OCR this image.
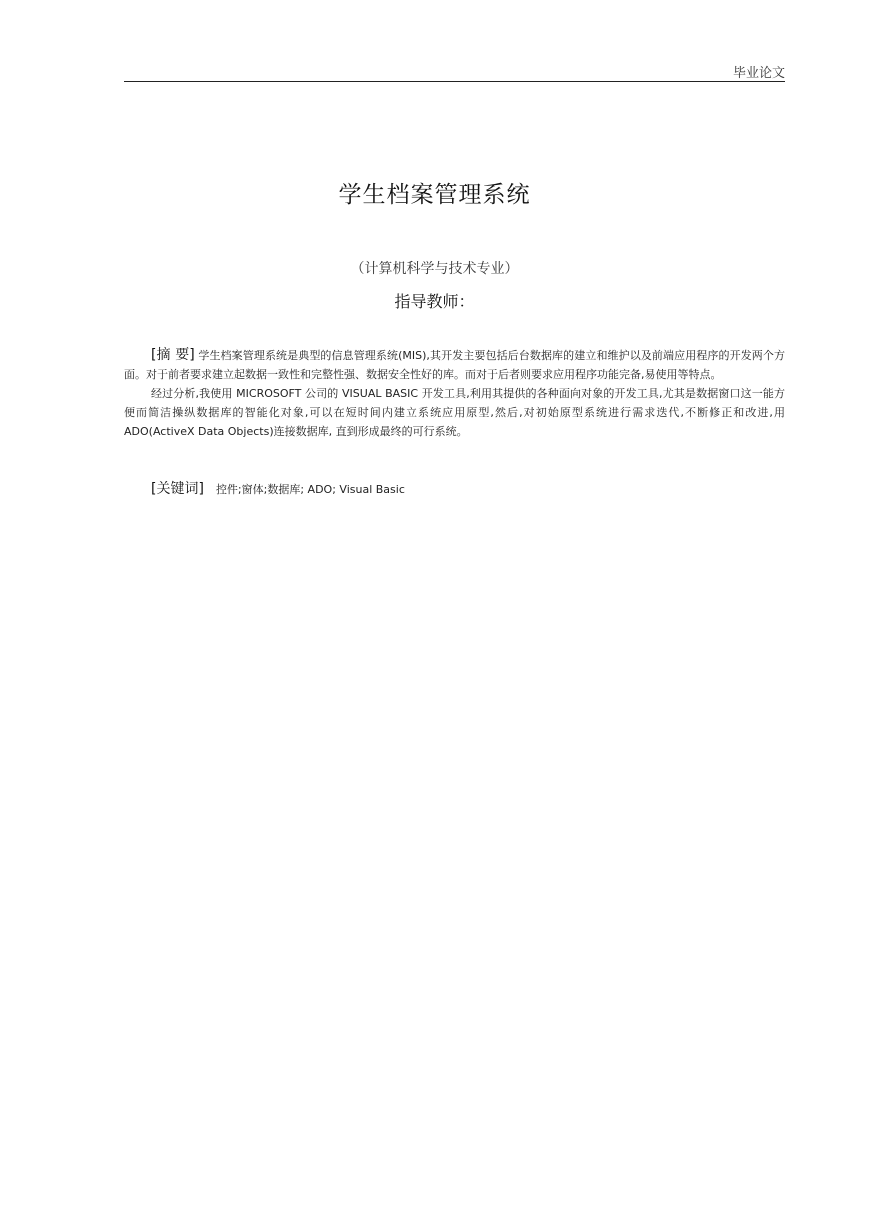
毕业论文
学生档案管理系统
（计算机科学与技术专业）
指导教师：

[摘 要] 学生档案管理系统是典型的信息管理系统(MIS),其开发主要包括后台数据库的建立和维护以及前端应用程序的开发两个方面。对于前者要求建立起数据一致性和完整性强、数据安全性好的库。而对于后者则要求应用程序功能完备,易使用等特点。

经过分析,我使用 MICROSOFT 公司的 VISUAL BASIC 开发工具,利用其提供的各种面向对象的开发工具,尤其是数据窗口这一能方便而简洁操纵数据库的智能化对象,可以在短时间内建立系统应用原型,然后,对初始原型系统进行需求迭代,不断修正和改进,用 ADO(ActiveX Data Objects)连接数据库, 直到形成最终的可行系统。

[关键词] 控件;窗体;数据库; ADO; Visual Basic
